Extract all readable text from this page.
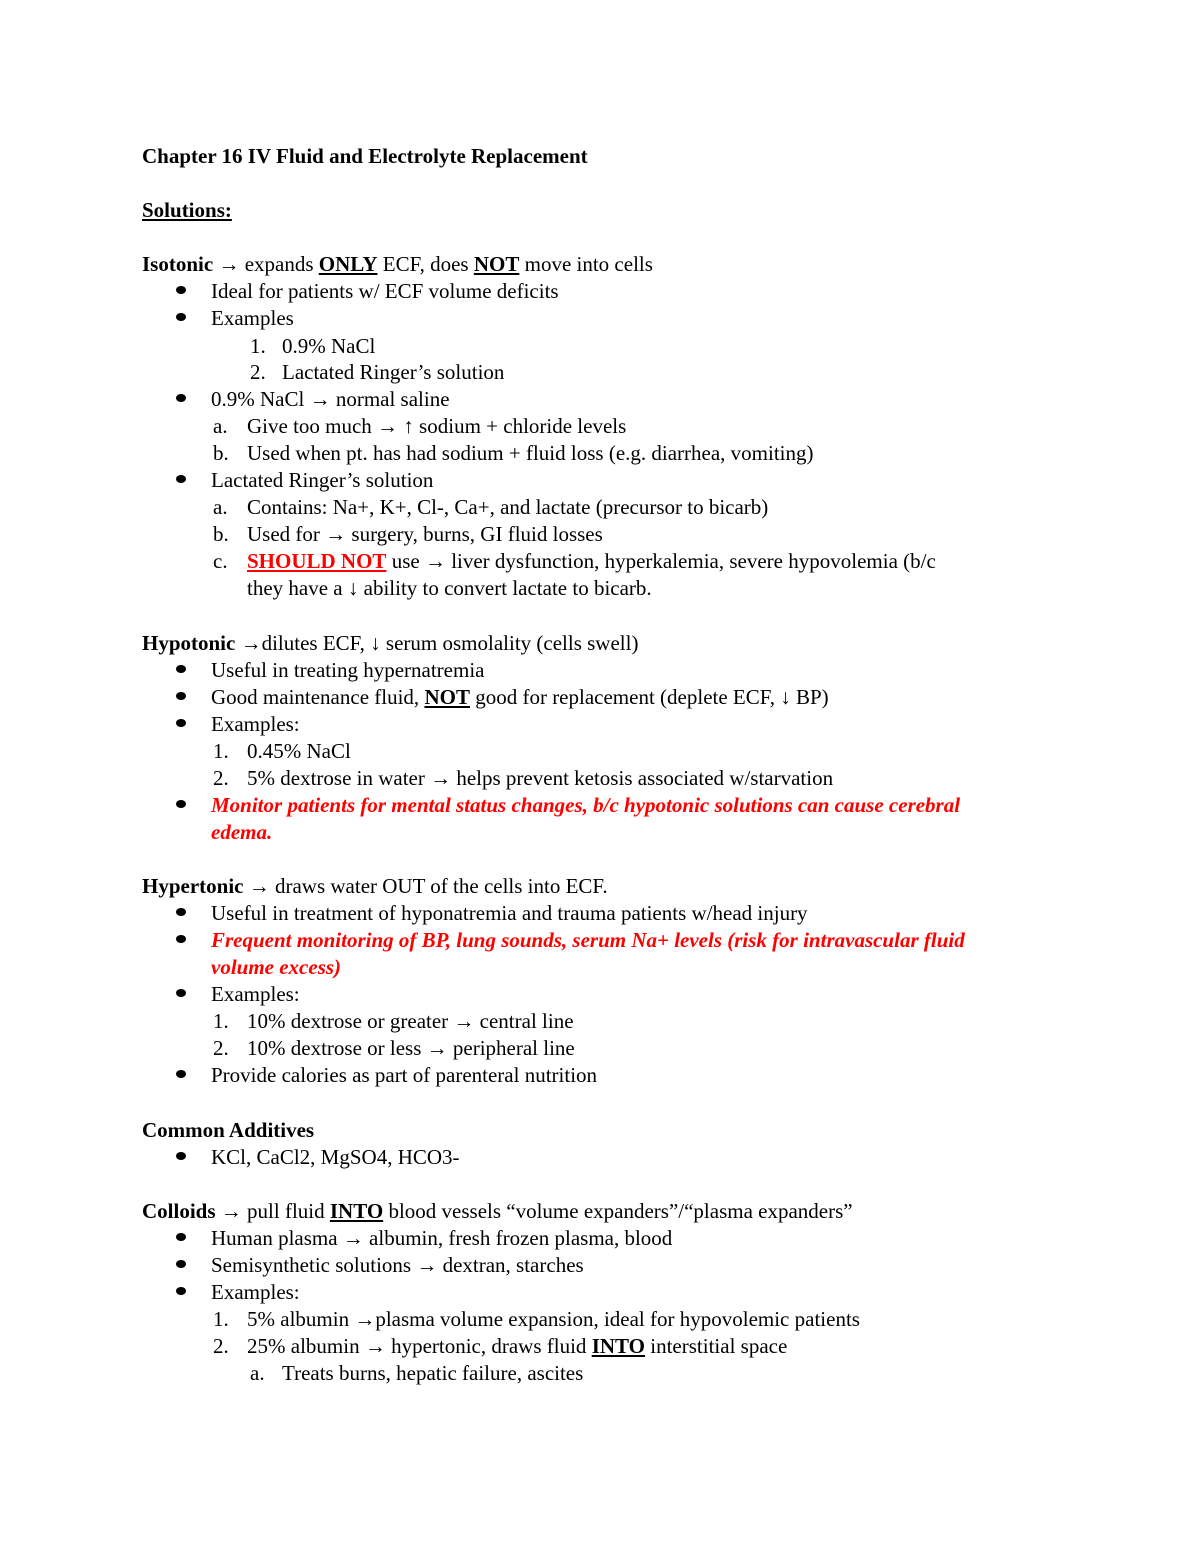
Chapter 16 IV Fluid and Electrolyte Replacement
Solutions:
Isotonic → expands ONLY ECF, does NOT move into cells
Ideal for patients w/ ECF volume deficits
Examples
1. 0.9% NaCl
2. Lactated Ringer’s solution
0.9% NaCl → normal saline
a. Give too much → ↑ sodium + chloride levels
b. Used when pt. has had sodium + fluid loss (e.g. diarrhea, vomiting)
Lactated Ringer’s solution
a. Contains: Na+, K+, Cl-, Ca+, and lactate (precursor to bicarb)
b. Used for → surgery, burns, GI fluid losses
c. SHOULD NOT use → liver dysfunction, hyperkalemia, severe hypovolemia (b/c
they have a ↓ ability to convert lactate to bicarb.
Hypotonic →dilutes ECF, ↓ serum osmolality (cells swell)
Useful in treating hypernatremia
Good maintenance fluid, NOT good for replacement (deplete ECF, ↓ BP)
Examples:
1. 0.45% NaCl
2. 5% dextrose in water → helps prevent ketosis associated w/starvation
Monitor patients for mental status changes, b/c hypotonic solutions can cause cerebral
edema.
Hypertonic → draws water OUT of the cells into ECF.
Useful in treatment of hyponatremia and trauma patients w/head injury
Frequent monitoring of BP, lung sounds, serum Na+ levels (risk for intravascular fluid
volume excess)
Examples:
1. 10% dextrose or greater → central line
2. 10% dextrose or less → peripheral line
Provide calories as part of parenteral nutrition
Common Additives
KCl, CaCl2, MgSO4, HCO3-
Colloids → pull fluid INTO blood vessels “volume expanders”/“plasma expanders”
Human plasma → albumin, fresh frozen plasma, blood
Semisynthetic solutions → dextran, starches
Examples:
1. 5% albumin →plasma volume expansion, ideal for hypovolemic patients
2. 25% albumin → hypertonic, draws fluid INTO interstitial space
a. Treats burns, hepatic failure, ascites
